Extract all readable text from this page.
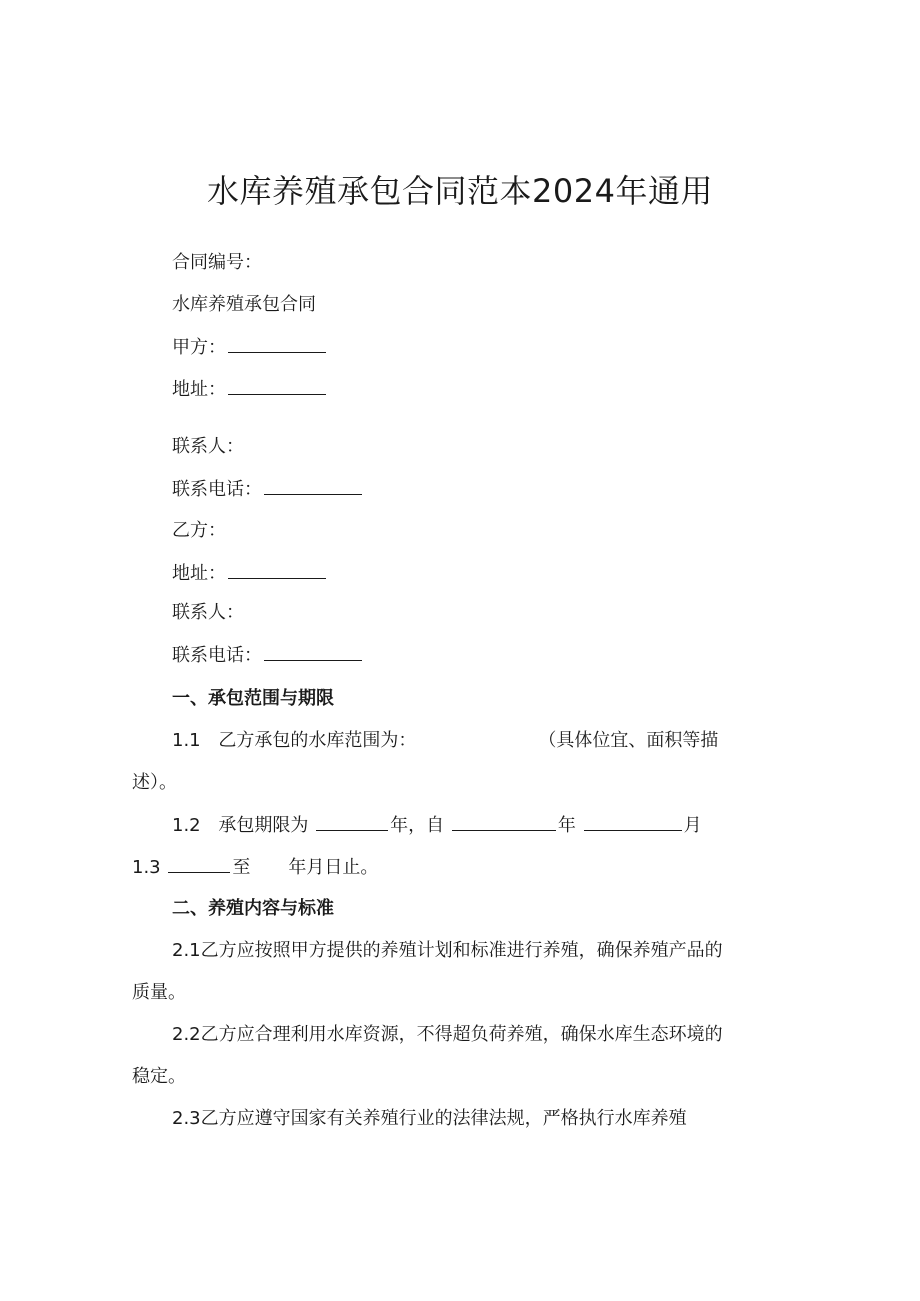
水库养殖承包合同范本2024年通用

合同编号：

水库养殖承包合同

甲方：

地址：

联系人：

联系电话：

乙方：

地址：

联系人：

联系电话：

一、承包范围与期限

1.1 乙方承包的水库范围为：	（具体位宜、面积等描

述）。

1.2 承包期限为	年，自	年	月

1.3	至 年月日止。

二、养殖内容与标准

2.1乙方应按照甲方提供的养殖计划和标准进行养殖，确保养殖产品的

质量。

2.2乙方应合理利用水库资源，不得超负荷养殖，确保水库生态环境的

稳定。

2.3乙方应遵守国家有关养殖行业的法律法规，严格执行水库养殖
